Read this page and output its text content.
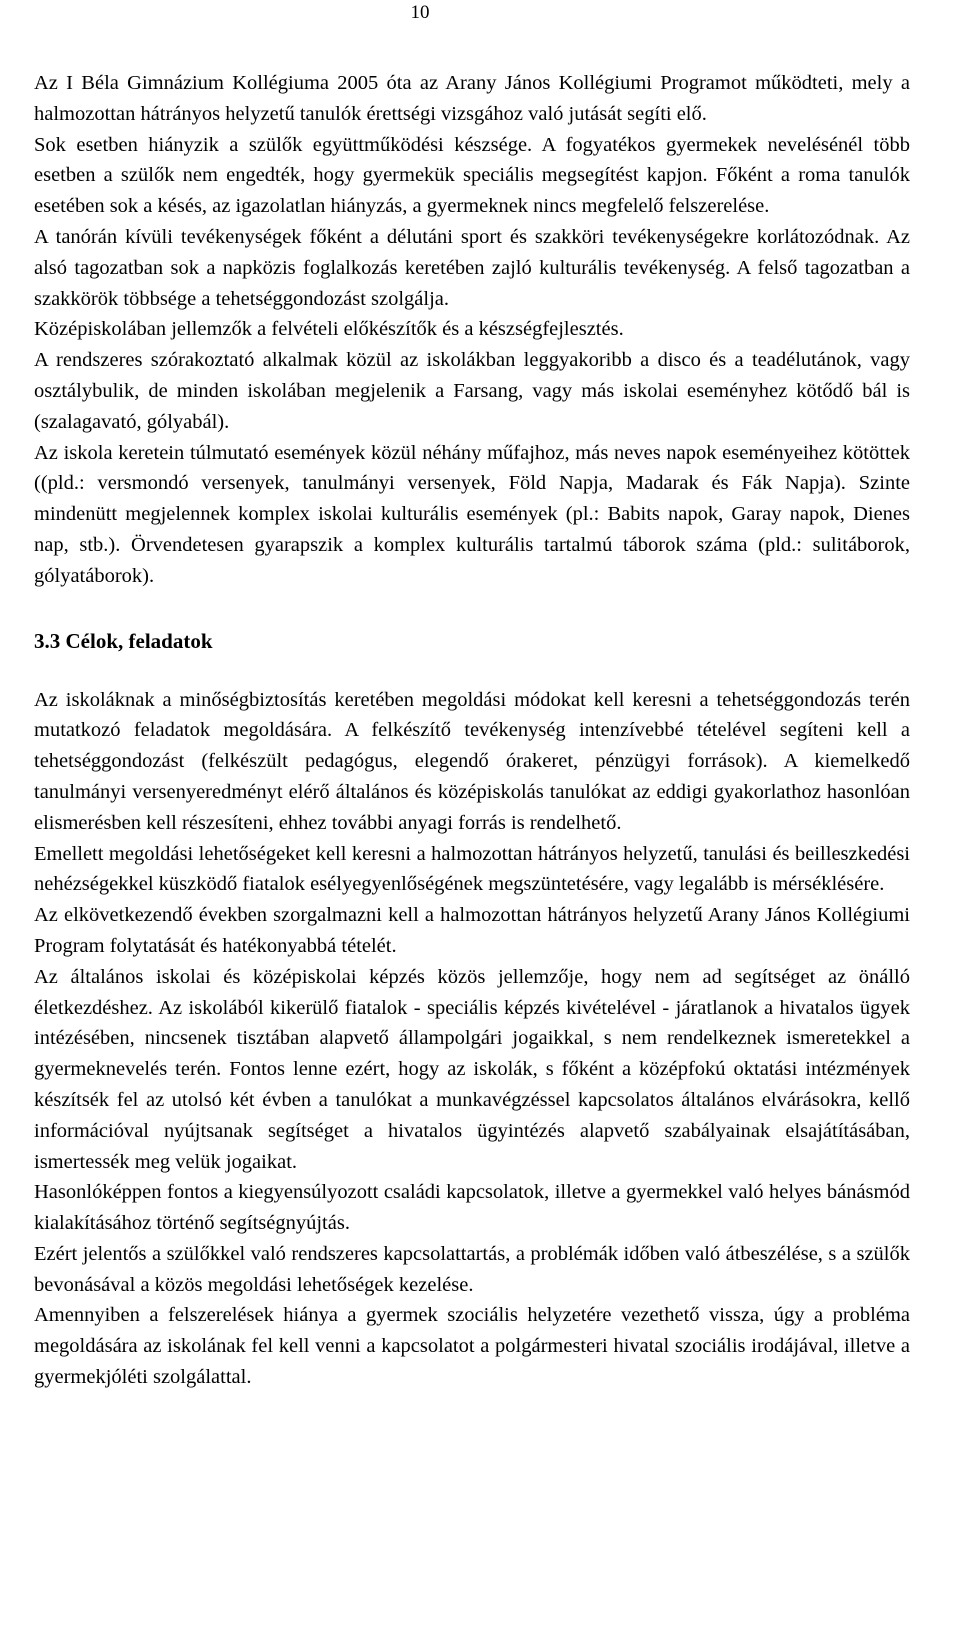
10

Az I Béla Gimnázium Kollégiuma 2005 óta az Arany János Kollégiumi Programot működteti, mely a halmozottan hátrányos helyzetű tanulók érettségi vizsgához való jutását segíti elő.

Sok esetben hiányzik a szülők együttműködési készsége. A fogyatékos gyermekek nevelésénél több esetben a szülők nem engedték, hogy gyermekük speciális megsegítést kapjon. Főként a roma tanulók esetében sok a késés, az igazolatlan hiányzás, a gyermeknek nincs megfelelő felszerelése.

A tanórán kívüli tevékenységek főként a délutáni sport és szakköri tevékenységekre korlátozódnak. Az alsó tagozatban sok a napközis foglalkozás keretében zajló kulturális tevékenység. A felső tagozatban a szakkörök többsége a tehetséggondozást szolgálja.

Középiskolában jellemzők a felvételi előkészítők és a készségfejlesztés.

A rendszeres szórakoztató alkalmak közül az iskolákban leggyakoribb a disco és a teadélutánok, vagy osztálybulik, de minden iskolában megjelenik a Farsang, vagy más iskolai eseményhez kötődő bál is (szalagavató, gólyabál).

Az iskola keretein túlmutató események közül néhány műfajhoz, más neves napok eseményeihez kötöttek ((pld.: versmondó versenyek, tanulmányi versenyek, Föld Napja, Madarak és Fák Napja). Szinte mindenütt megjelennek komplex iskolai kulturális események (pl.: Babits napok, Garay napok, Dienes nap, stb.). Örvendetesen gyarapszik a komplex kulturális tartalmú táborok száma (pld.: sulitáborok, gólyatáborok).

3.3 Célok, feladatok

Az iskoláknak a minőségbiztosítás keretében megoldási módokat kell keresni a tehetséggondozás terén mutatkozó feladatok megoldására. A felkészítő tevékenység intenzívebbé tételével segíteni kell a tehetséggondozást (felkészült pedagógus, elegendő órakeret, pénzügyi források). A kiemelkedő tanulmányi versenyeredményt elérő általános és középiskolás tanulókat az eddigi gyakorlathoz hasonlóan elismerésben kell részesíteni, ehhez további anyagi forrás is rendelhető.

Emellett megoldási lehetőségeket kell keresni a halmozottan hátrányos helyzetű, tanulási és beilleszkedési nehézségekkel küszködő fiatalok esélyegyenlőségének megszüntetésére, vagy legalább is mérséklésére.

Az elkövetkezendő években szorgalmazni kell a halmozottan hátrányos helyzetű Arany János Kollégiumi Program folytatását és hatékonyabbá tételét.

Az általános iskolai és középiskolai képzés közös jellemzője, hogy nem ad segítséget az önálló életkezdéshez. Az iskolából kikerülő fiatalok - speciális képzés kivételével - járatlanok a hivatalos ügyek intézésében, nincsenek tisztában alapvető állampolgári jogaikkal, s nem rendelkeznek ismeretekkel a gyermeknevelés terén. Fontos lenne ezért, hogy az iskolák, s főként a középfokú oktatási intézmények készítsék fel az utolsó két évben a tanulókat a munkavégzéssel kapcsolatos általános elvárásokra, kellő információval nyújtsanak segítséget a hivatalos ügyintézés alapvető szabályainak elsajátításában, ismertessék meg velük jogaikat.

Hasonlóképpen fontos a kiegyensúlyozott családi kapcsolatok, illetve a gyermekkel való helyes bánásmód kialakításához történő segítségnyújtás.

Ezért jelentős a szülőkkel való rendszeres kapcsolattartás, a problémák időben való átbeszélése, s a szülők bevonásával a közös megoldási lehetőségek kezelése.

Amennyiben a felszerelések hiánya a gyermek szociális helyzetére vezethető vissza, úgy a probléma megoldására az iskolának fel kell venni a kapcsolatot a polgármesteri hivatal szociális irodájával, illetve a gyermekjóléti szolgálattal.
